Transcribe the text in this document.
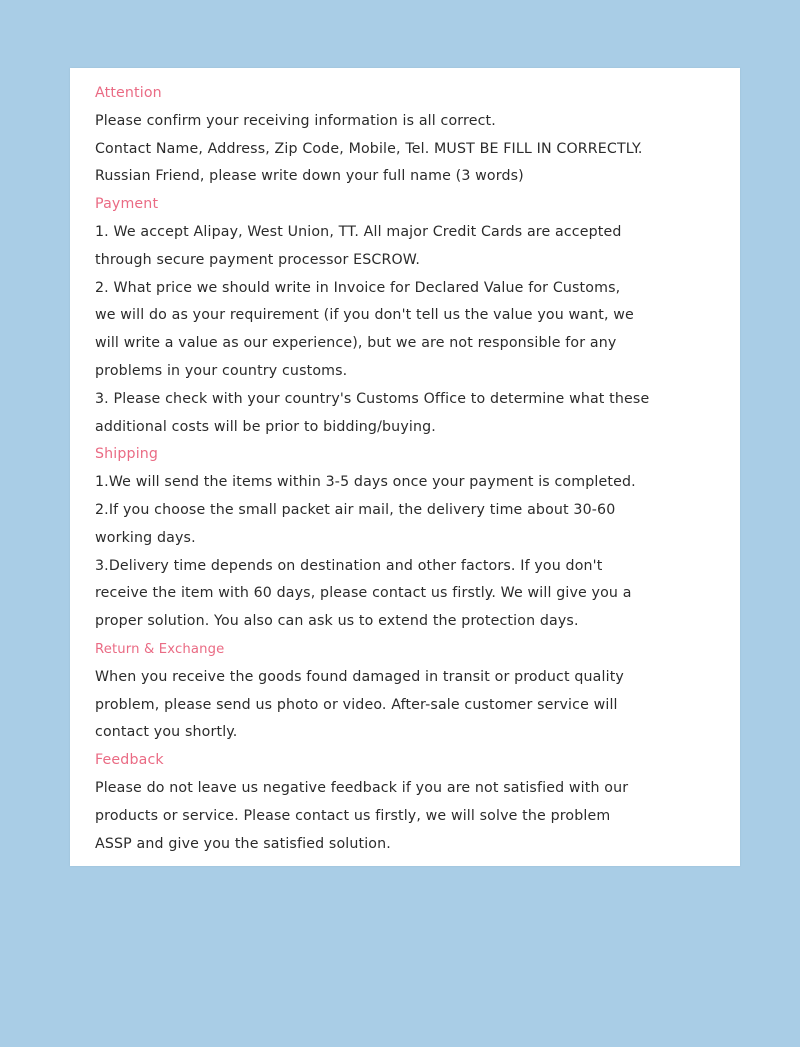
Attention
Please confirm your receiving information is all correct.
Contact Name, Address, Zip Code, Mobile, Tel. MUST BE FILL IN CORRECTLY.
Russian Friend, please write down your full name (3 words)
Payment
1. We accept Alipay, West Union, TT. All major Credit Cards are accepted
through secure payment processor ESCROW.
2. What price we should write in Invoice for Declared Value for Customs,
we will do as your requirement (if you don't tell us the value you want, we
will write a value as our experience), but we are not responsible for any
problems in your country customs.
3. Please check with your country's Customs Office to determine what these
additional costs will be prior to bidding/buying.
Shipping
1.We will send the items within 3-5 days once your payment is completed.
2.If you choose the small packet air mail, the delivery time about 30-60
working days.
3.Delivery time depends on destination and other factors. If you don't
receive the item with 60 days, please contact us firstly. We will give you a
proper solution. You also can ask us to extend the protection days.
Return & Exchange
When you receive the goods found damaged in transit or product quality
problem, please send us photo or video. After-sale customer service will
contact you shortly.
Feedback
Please do not leave us negative feedback if you are not satisfied with our
products or service. Please contact us firstly, we will solve the problem
ASSP and give you the satisfied solution.
